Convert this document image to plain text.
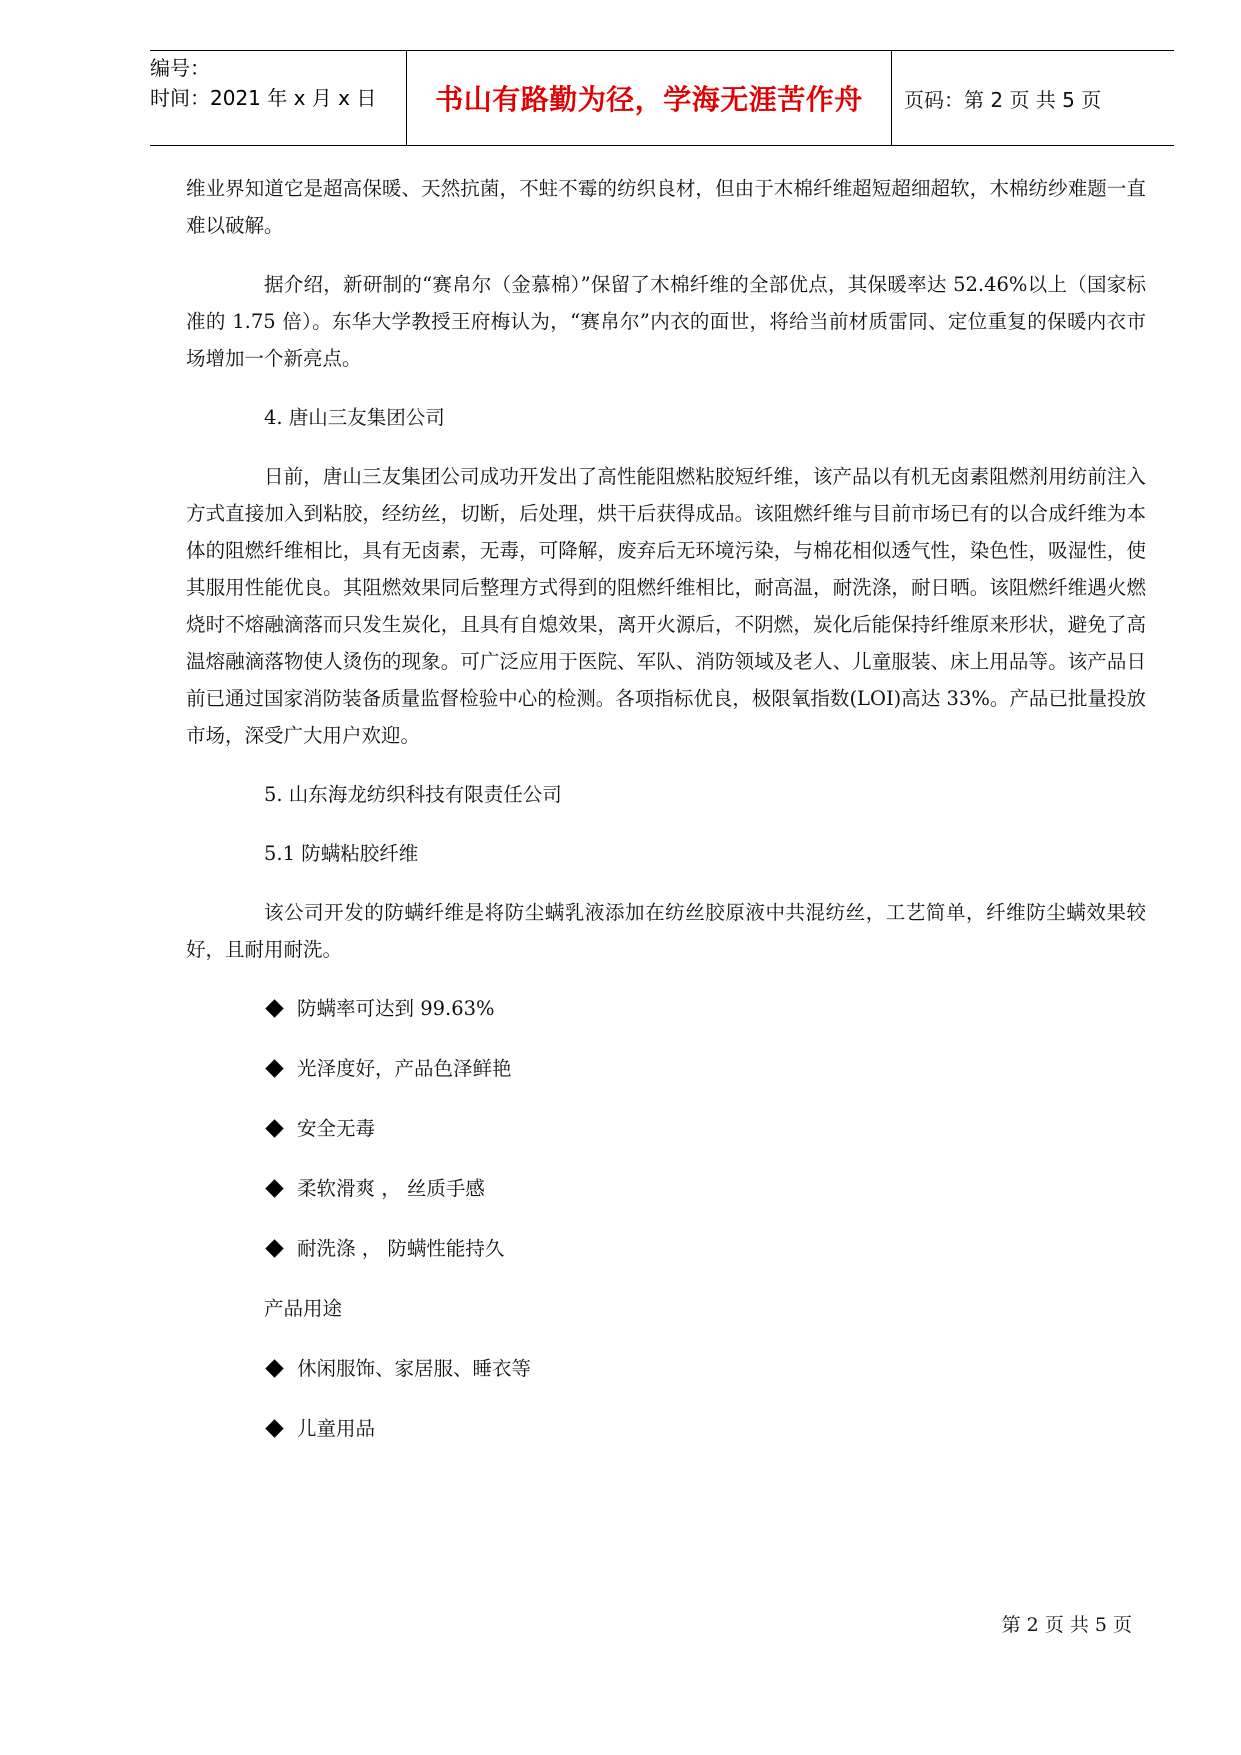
编号：
时间：2021 年 x 月 x 日	书山有路勤为径，学海无涯苦作舟 页码：第 2 页 共 5 页

维业界知道它是超高保暖、天然抗菌，不蛀不霉的纺织良材，但由于木棉纤维超短超细超软，木棉纺纱难题一直难以破解。

据介绍，新研制的“赛帛尔（金慕棉）”保留了木棉纤维的全部优点，其保暖率达 52.46%以上（国家标准的 1.75 倍）。东华大学教授王府梅认为，“赛帛尔”内衣的面世，将给当前材质雷同、定位重复的保暖内衣市场增加一个新亮点。

4. 唐山三友集团公司

日前，唐山三友集团公司成功开发出了高性能阻燃粘胶短纤维，该产品以有机无卤素阻燃剂用纺前注入方式直接加入到粘胶，经纺丝，切断，后处理，烘干后获得成品。该阻燃纤维与目前市场已有的以合成纤维为本体的阻燃纤维相比，具有无卤素，无毒，可降解，废弃后无环境污染，与棉花相似透气性，染色性，吸湿性，使其服用性能优良。其阻燃效果同后整理方式得到的阻燃纤维相比，耐高温，耐洗涤，耐日晒。该阻燃纤维遇火燃烧时不熔融滴落而只发生炭化，且具有自熄效果，离开火源后，不阴燃，炭化后能保持纤维原来形状，避免了高温熔融滴落物使人烫伤的现象。可广泛应用于医院、军队、消防领域及老人、儿童服装、床上用品等。该产品日前已通过国家消防装备质量监督检验中心的检测。各项指标优良，极限氧指数(LOI)高达 33%。产品已批量投放市场，深受广大用户欢迎。

5. 山东海龙纺织科技有限责任公司

5.1 防螨粘胶纤维

该公司开发的防螨纤维是将防尘螨乳液添加在纺丝胶原液中共混纺丝，工艺简单，纤维防尘螨效果较好，且耐用耐洗。

防螨率可达到 99.63%
光泽度好，产品色泽鲜艳
安全无毒
柔软滑爽 ， 丝质手感
耐洗涤 ， 防螨性能持久

产品用途

休闲服饰、家居服、睡衣等
儿童用品
第 2 页 共 5 页
